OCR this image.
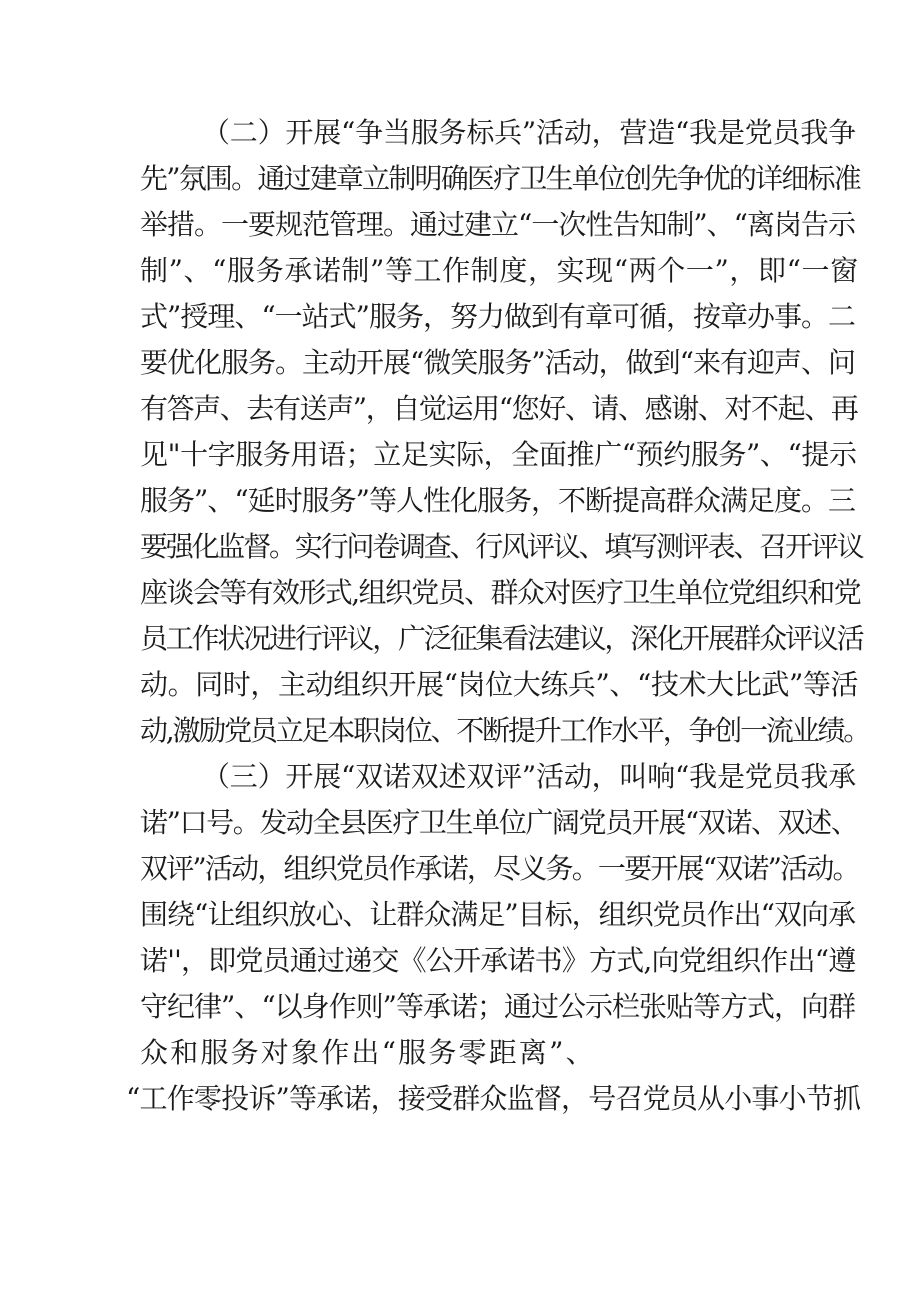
（二）开展“争当服务标兵”活动，营造“我是党员我争
先”氛围。通过建章立制明确医疗卫生单位创先争优的详细标准
举措。一要规范管理。通过建立“一次性告知制”、“离岗告示
制”、“服务承诺制”等工作制度，实现“两个一”，即“一窗
式”授理、“一站式”服务，努力做到有章可循，按章办事。二
要优化服务。主动开展“微笑服务”活动，做到“来有迎声、问
有答声、去有送声”，自觉运用“您好、请、感谢、对不起、再
见"十字服务用语；立足实际，全面推广“预约服务”、“提示
服务”、“延时服务”等人性化服务，不断提高群众满足度。三
要强化监督。实行问卷调查、行风评议、填写测评表、召开评议
座谈会等有效形式,组织党员、群众对医疗卫生单位党组织和党
员工作状况进行评议，广泛征集看法建议，深化开展群众评议活
动。同时，主动组织开展“岗位大练兵”、“技术大比武”等活
动,激励党员立足本职岗位、不断提升工作水平，争创一流业绩。
（三）开展“双诺双述双评”活动，叫响“我是党员我承
诺”口号。发动全县医疗卫生单位广阔党员开展“双诺、双述、
双评”活动，组织党员作承诺，尽义务。一要开展“双诺”活动。
围绕“让组织放心、让群众满足”目标，组织党员作出“双向承
诺''，即党员通过递交《公开承诺书》方式,向党组织作出“遵
守纪律”、“以身作则”等承诺；通过公示栏张贴等方式，向群
众和服务对象作出“服务零距离”、
“工作零投诉”等承诺，接受群众监督，号召党员从小事小节抓
